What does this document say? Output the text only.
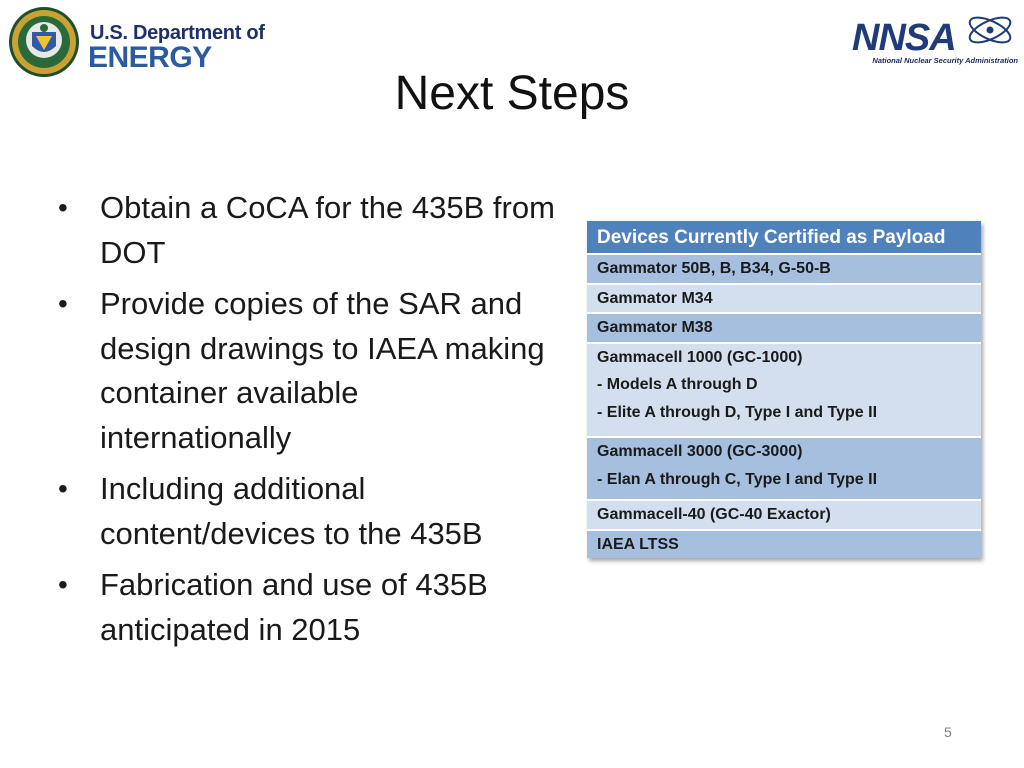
U.S. Department of
ENERGY	NNSA
National Nuclear Security Administration
Next Steps
• Obtain a CoCA for the 435B from DOT
• Provide copies of the SAR and design drawings to IAEA making container available internationally
• Including additional content/devices to the 435B
• Fabrication and use of 435B anticipated in 2015
Devices Currently Certified as Payload
Gammator 50B, B, B34, G-50-B
Gammator M34
Gammator M38
Gammacell 1000 (GC-1000)
- Models A through D
- Elite A through D, Type I and Type II
Gammacell 3000 (GC-3000)
- Elan A through C, Type I and Type II
Gammacell-40 (GC-40 Exactor)
IAEA LTSS
5
